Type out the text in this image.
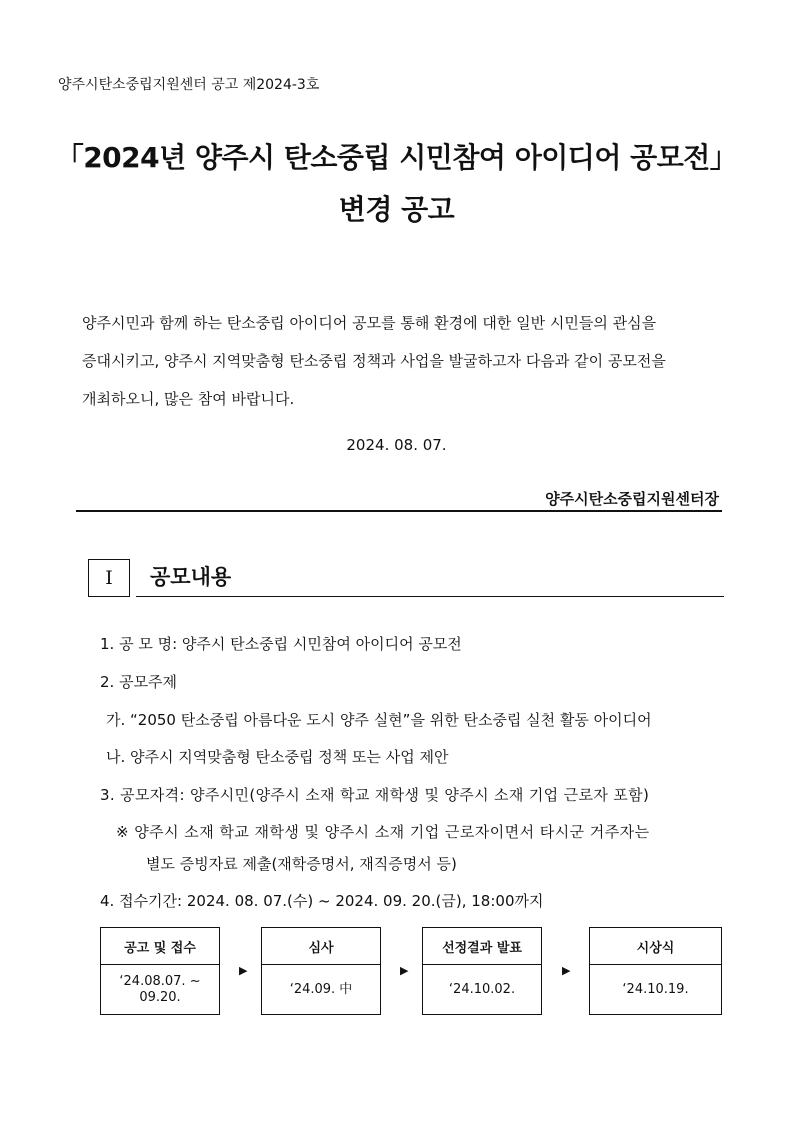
양주시탄소중립지원센터 공고 제2024-3호
「2024년 양주시 탄소중립 시민참여 아이디어 공모전」
변경 공고

양주시민과 함께 하는 탄소중립 아이디어 공모를 통해 환경에 대한 일반 시민들의 관심을

증대시키고, 양주시 지역맞춤형 탄소중립 정책과 사업을 발굴하고자 다음과 같이 공모전을

개최하오니, 많은 참여 바랍니다.

2024. 08. 07.
양주시탄소중립지원센터장
Ⅰ	공모내용
1. 공 모 명: 양주시 탄소중립 시민참여 아이디어 공모전
2. 공모주제
가. “2050 탄소중립 아름다운 도시 양주 실현”을 위한 탄소중립 실천 활동 아이디어
나. 양주시 지역맞춤형 탄소중립 정책 또는 사업 제안
3. 공모자격: 양주시민(양주시 소재 학교 재학생 및 양주시 소재 기업 근로자 포함)
※ 양주시 소재 학교 재학생 및 양주시 소재 기업 근로자이면서 타시군 거주자는
별도 증빙자료 제출(재학증명서, 재직증명서 등)
4. 접수기간: 2024. 08. 07.(수) ~ 2024. 09. 20.(금), 18:00까지
공고 및 접수
‘24.08.07. ~
09.20.
▶
심사
‘24.09. 中
▶
선정결과 발표
‘24.10.02.
▶
시상식
‘24.10.19.
